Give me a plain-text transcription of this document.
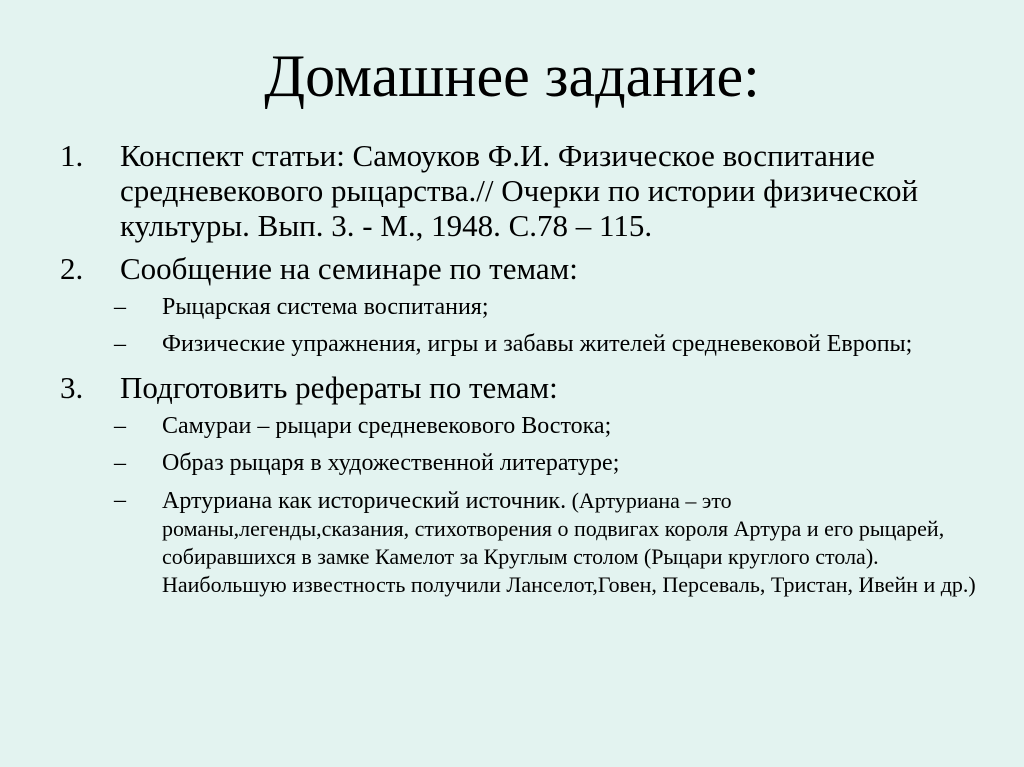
Домашнее задание:
1. Конспект статьи: Самоуков Ф.И. Физическое воспитание средневекового рыцарства.// Очерки по истории физической культуры. Вып. 3. - М., 1948. С.78 – 115.
2. Сообщение на семинаре по темам:
– Рыцарская система воспитания;
– Физические упражнения, игры и забавы жителей средневековой Европы;
3. Подготовить рефераты по темам:
– Самураи – рыцари средневекового Востока;
– Образ рыцаря в художественной литературе;
– Артуриана как исторический источник. (Артуриана – это романы,легенды,сказания, стихотворения о подвигах короля Артура и его рыцарей, собиравшихся в замке Камелот за Круглым столом (Рыцари круглого стола). Наибольшую известность получили Ланселот,Говен, Персеваль, Тристан, Ивейн и др.)
